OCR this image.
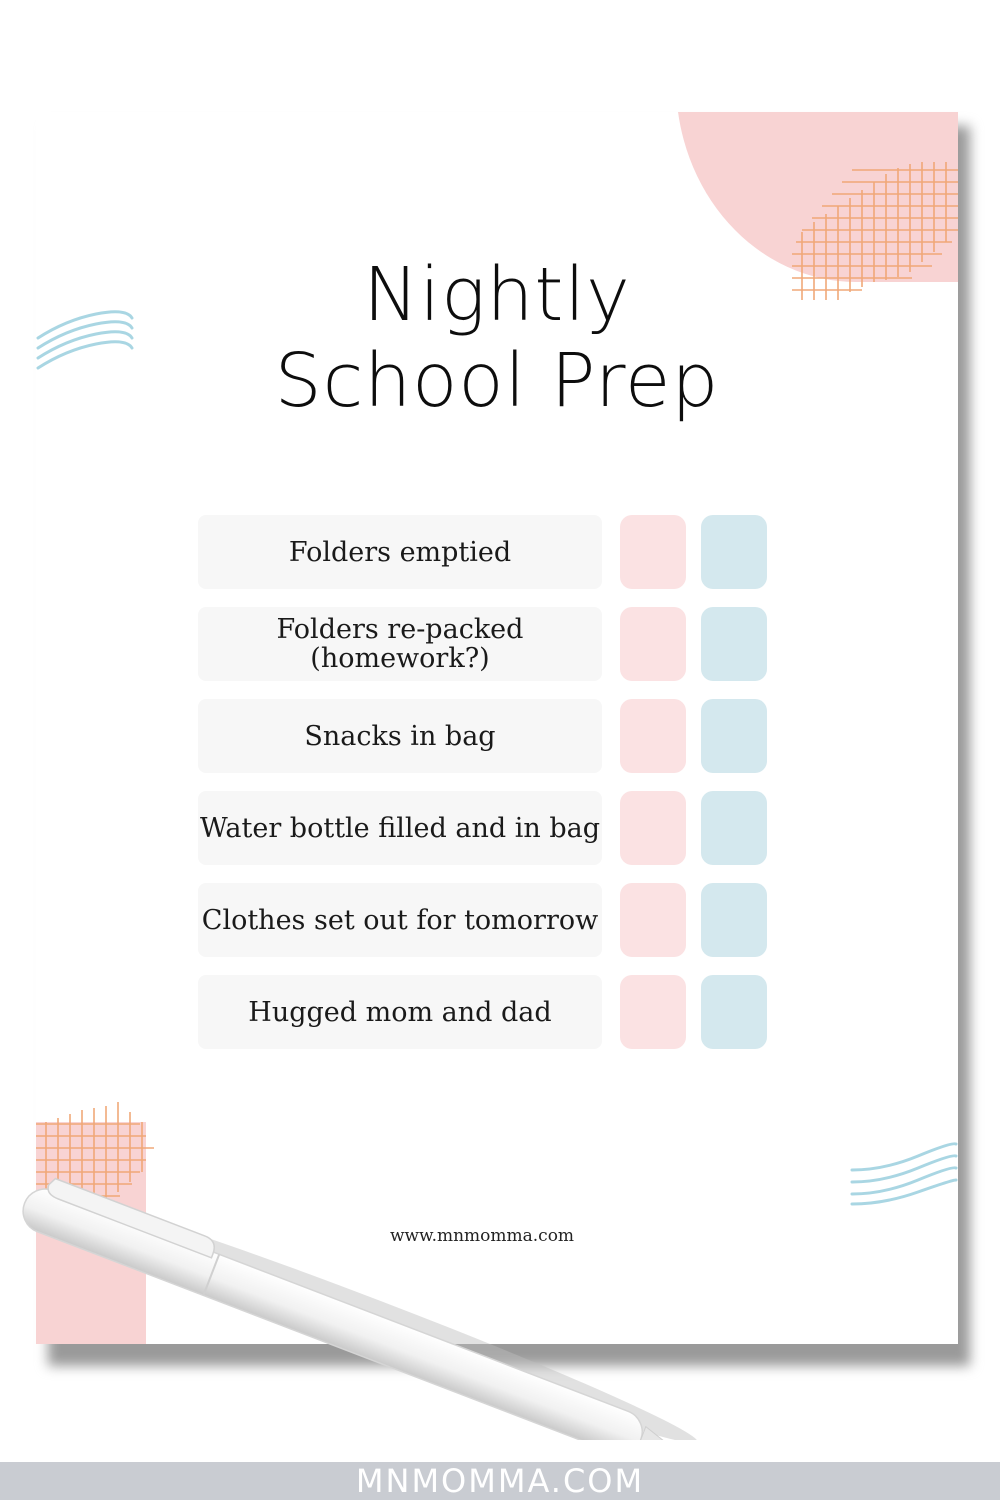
Nightly
School Prep
Folders emptied
Folders re-packed (homework?)
Snacks in bag
Water bottle filled and in bag
Clothes set out for tomorrow
Hugged mom and dad
www.mnmomma.com
MNMOMMA.COM
